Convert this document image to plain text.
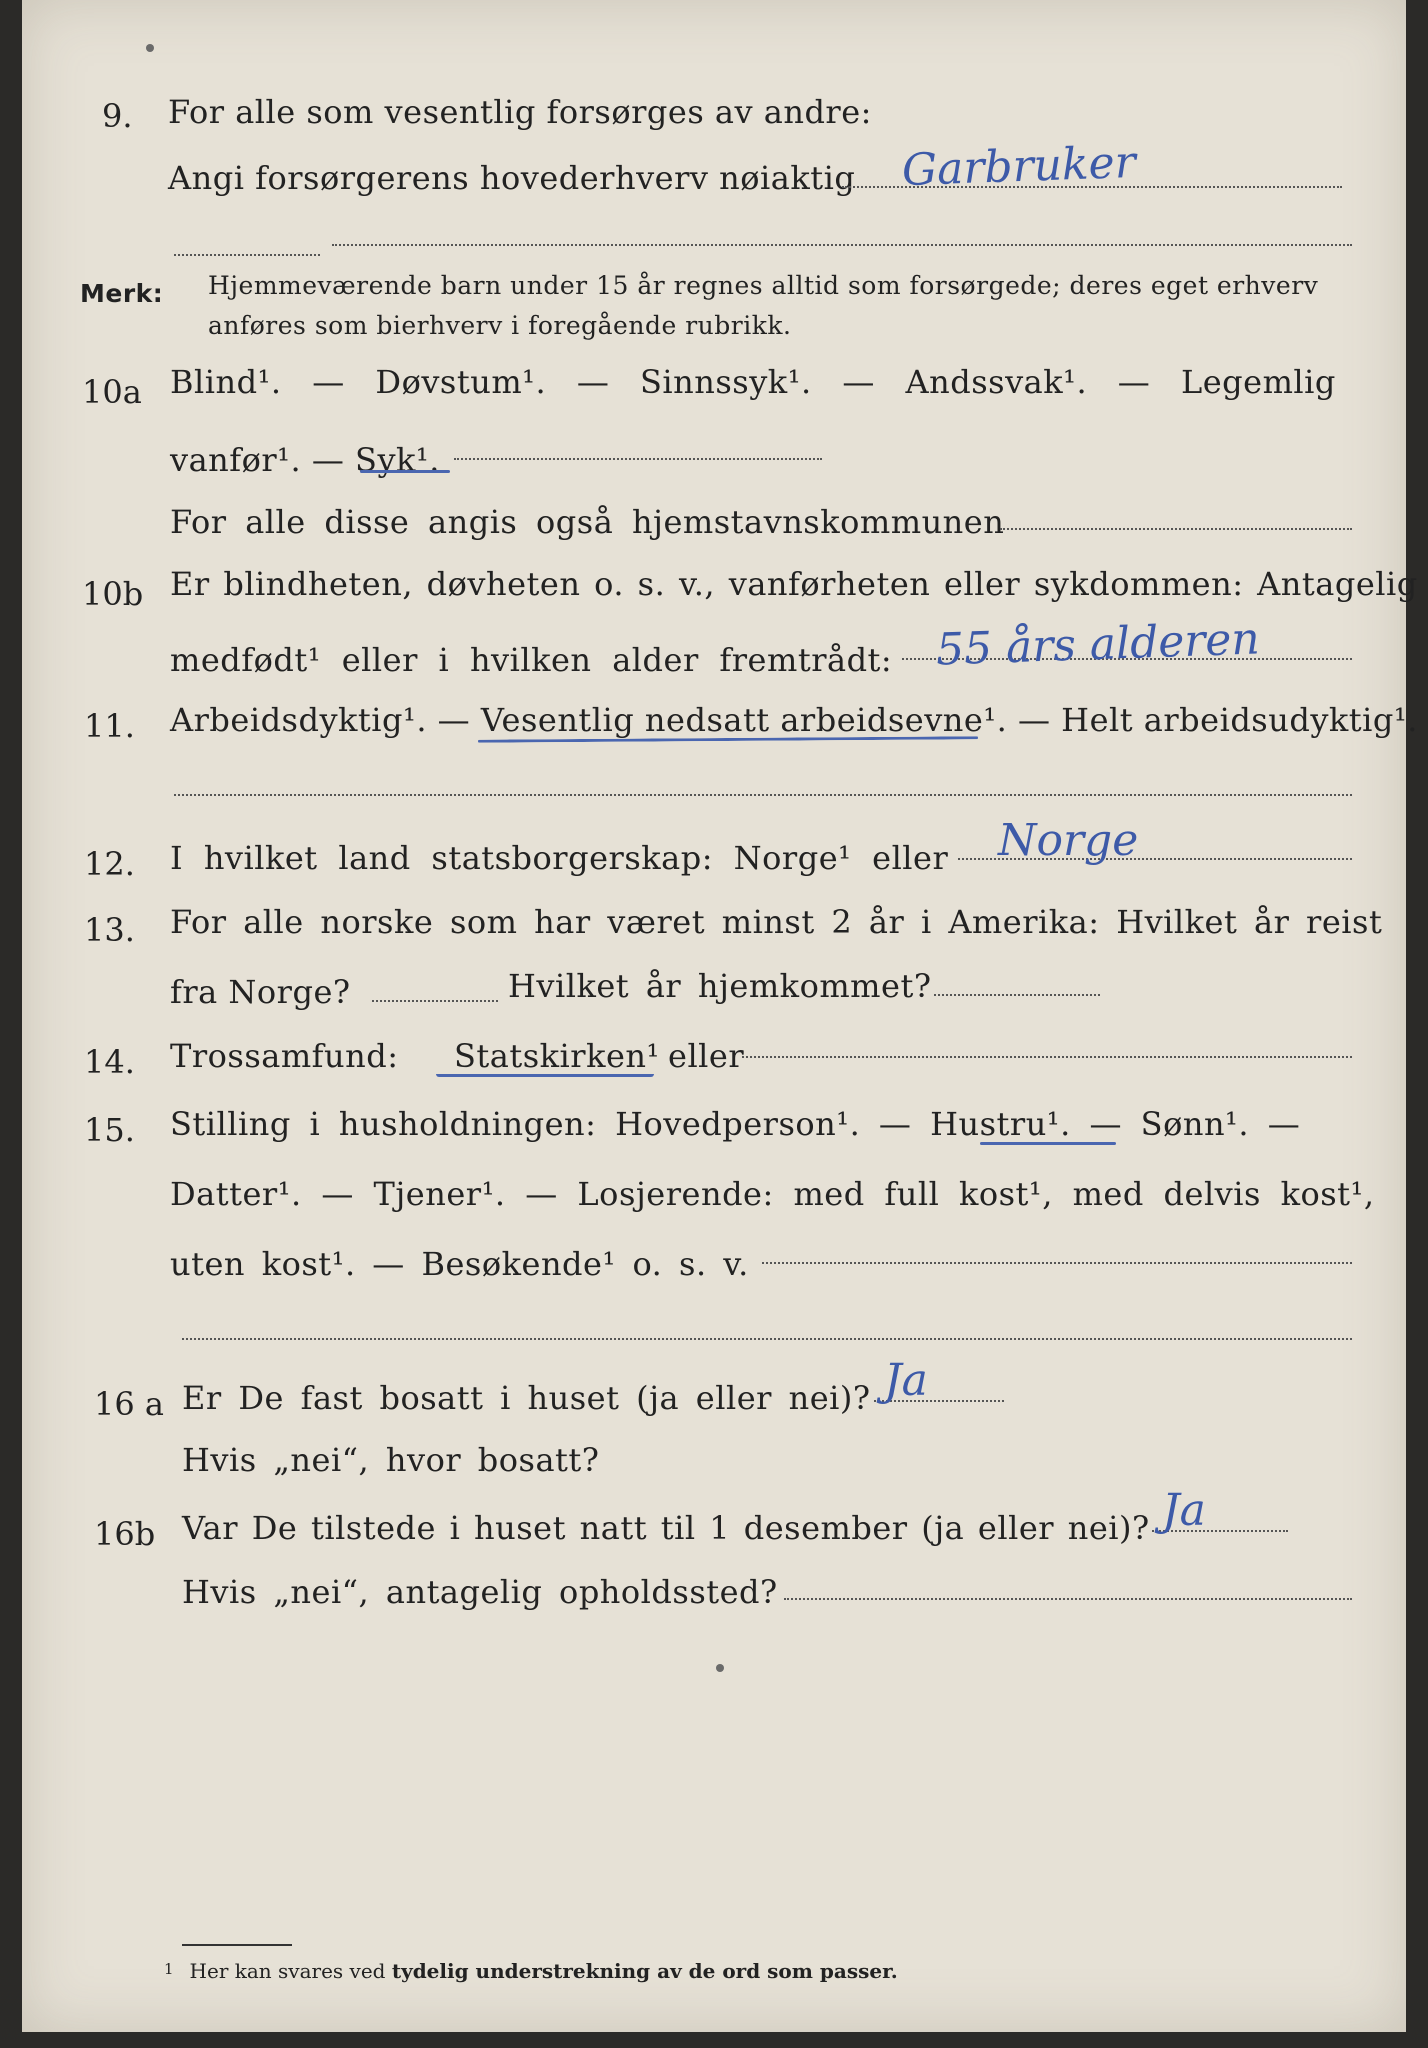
9. For alle som vesentlig forsørges av andre:
Angi forsørgerens hovederhverv nøiaktig Garbruker
Merk: Hjemmeværende barn under 15 år regnes alltid som forsørgede; deres eget erhverv
anføres som bierhverv i foregående rubrikk.
10a Blind¹. — Døvstum¹. — Sinnssyk¹. — Andssvak¹. — Legemlig
vanfør¹. — Syk¹.
For alle disse angis også hjemstavnskommunen
10b Er blindheten, døvheten o. s. v., vanførheten eller sykdommen: Antagelig
medfødt¹ eller i hvilken alder fremtrådt: 55 års alderen
11. Arbeidsdyktig¹. — Vesentlig nedsatt arbeidsevne¹. — Helt arbeidsudyktig¹.
12. I hvilket land statsborgerskap: Norge¹ eller Norge
13. For alle norske som har været minst 2 år i Amerika: Hvilket år reist
fra Norge?	Hvilket år hjemkommet?
14. Trossamfund: Statskirken¹ eller
15. Stilling i husholdningen: Hovedperson¹. — Hustru¹. — Sønn¹. —
Datter¹. — Tjener¹. — Losjerende: med full kost¹, med delvis kost¹,
uten kost¹. — Besøkende¹ o. s. v.
16 a Er De fast bosatt i huset (ja eller nei)? Ja
Hvis „nei“, hvor bosatt?
16b Var De tilstede i huset natt til 1 desember (ja eller nei)? Ja
Hvis „nei“, antagelig opholdssted?
$^1$ Her kan svares ved tydelig understrekning av de ord som passer.
